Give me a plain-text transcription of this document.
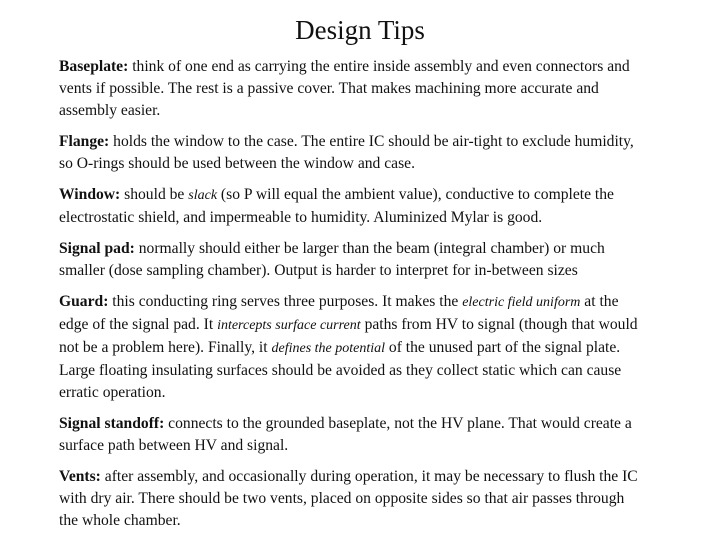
Design Tips

Baseplate: think of one end as carrying the entire inside assembly and even connectors and vents if possible. The rest is a passive cover. That makes machining more accurate and assembly easier.

Flange: holds the window to the case. The entire IC should be air-tight to exclude humidity, so O-rings should be used between the window and case.

Window: should be slack (so P will equal the ambient value), conductive to complete the electrostatic shield, and impermeable to humidity. Aluminized Mylar is good.

Signal pad: normally should either be larger than the beam (integral chamber) or much smaller (dose sampling chamber). Output is harder to interpret for in-between sizes

Guard: this conducting ring serves three purposes. It makes the electric field uniform at the edge of the signal pad. It intercepts surface current paths from HV to signal (though that would not be a problem here). Finally, it defines the potential of the unused part of the signal plate. Large floating insulating surfaces should be avoided as they collect static which can cause erratic operation.

Signal standoff: connects to the grounded baseplate, not the HV plane. That would create a surface path between HV and signal.

Vents: after assembly, and occasionally during operation, it may be necessary to flush the IC with dry air. There should be two vents, placed on opposite sides so that air passes through the whole chamber.
